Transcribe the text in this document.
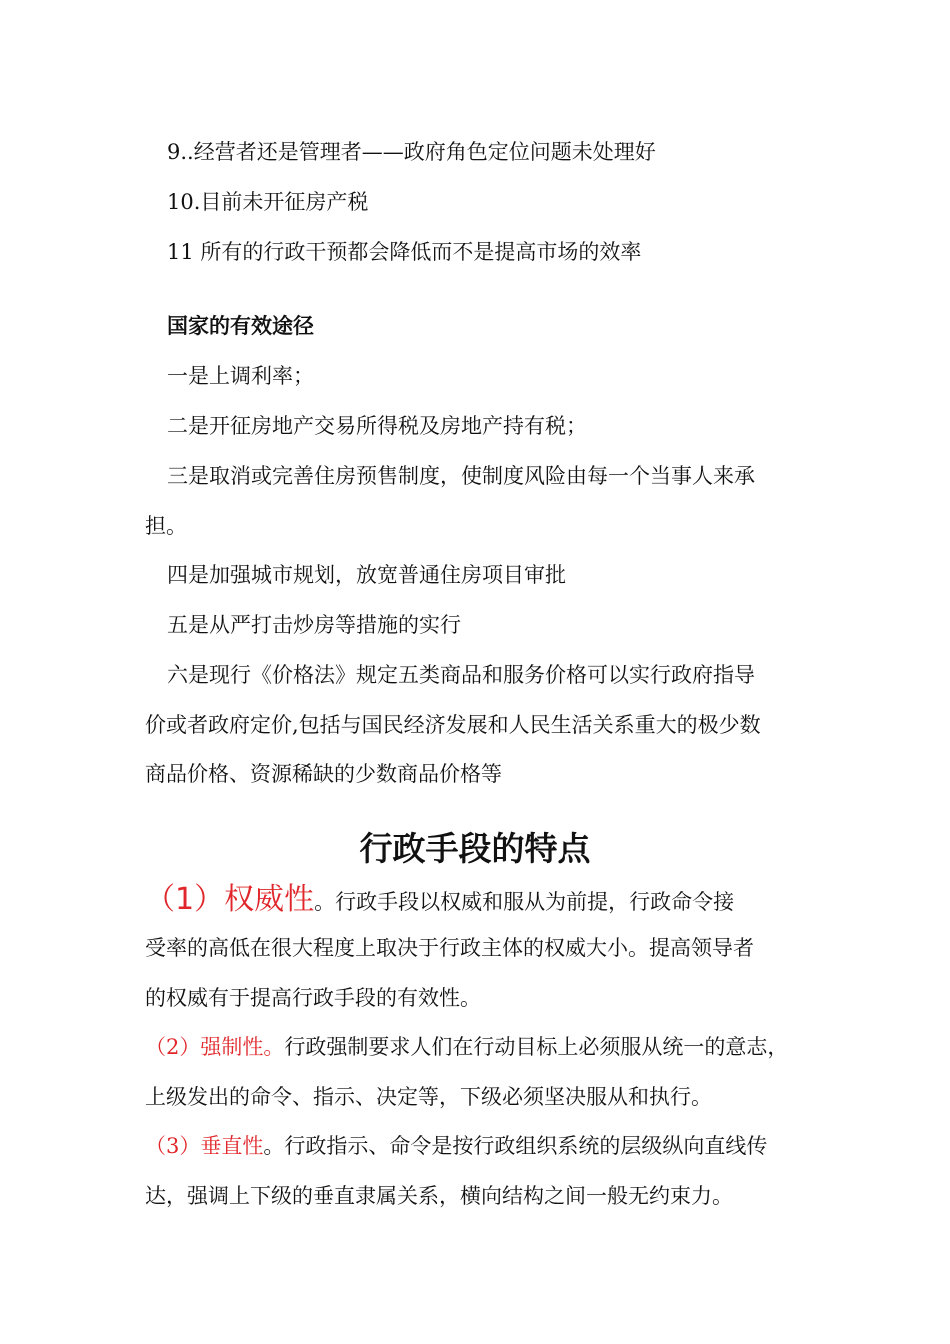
9..经营者还是管理者——政府角色定位问题未处理好
10.目前未开征房产税
11 所有的行政干预都会降低而不是提高市场的效率
国家的有效途径
一是上调利率；
二是开征房地产交易所得税及房地产持有税；
三是取消或完善住房预售制度，使制度风险由每一个当事人来承
担。
四是加强城市规划，放宽普通住房项目审批
五是从严打击炒房等措施的实行
六是现行《价格法》规定五类商品和服务价格可以实行政府指导
价或者政府定价,包括与国民经济发展和人民生活关系重大的极少数
商品价格、资源稀缺的少数商品价格等
行政手段的特点
（1）权威性。行政手段以权威和服从为前提，行政命令接
受率的高低在很大程度上取决于行政主体的权威大小。提高领导者
的权威有于提高行政手段的有效性。
（2）强制性。行政强制要求人们在行动目标上必须服从统一的意志，
上级发出的命令、指示、决定等，下级必须坚决服从和执行。
（3）垂直性。行政指示、命令是按行政组织系统的层级纵向直线传
达，强调上下级的垂直隶属关系，横向结构之间一般无约束力。
